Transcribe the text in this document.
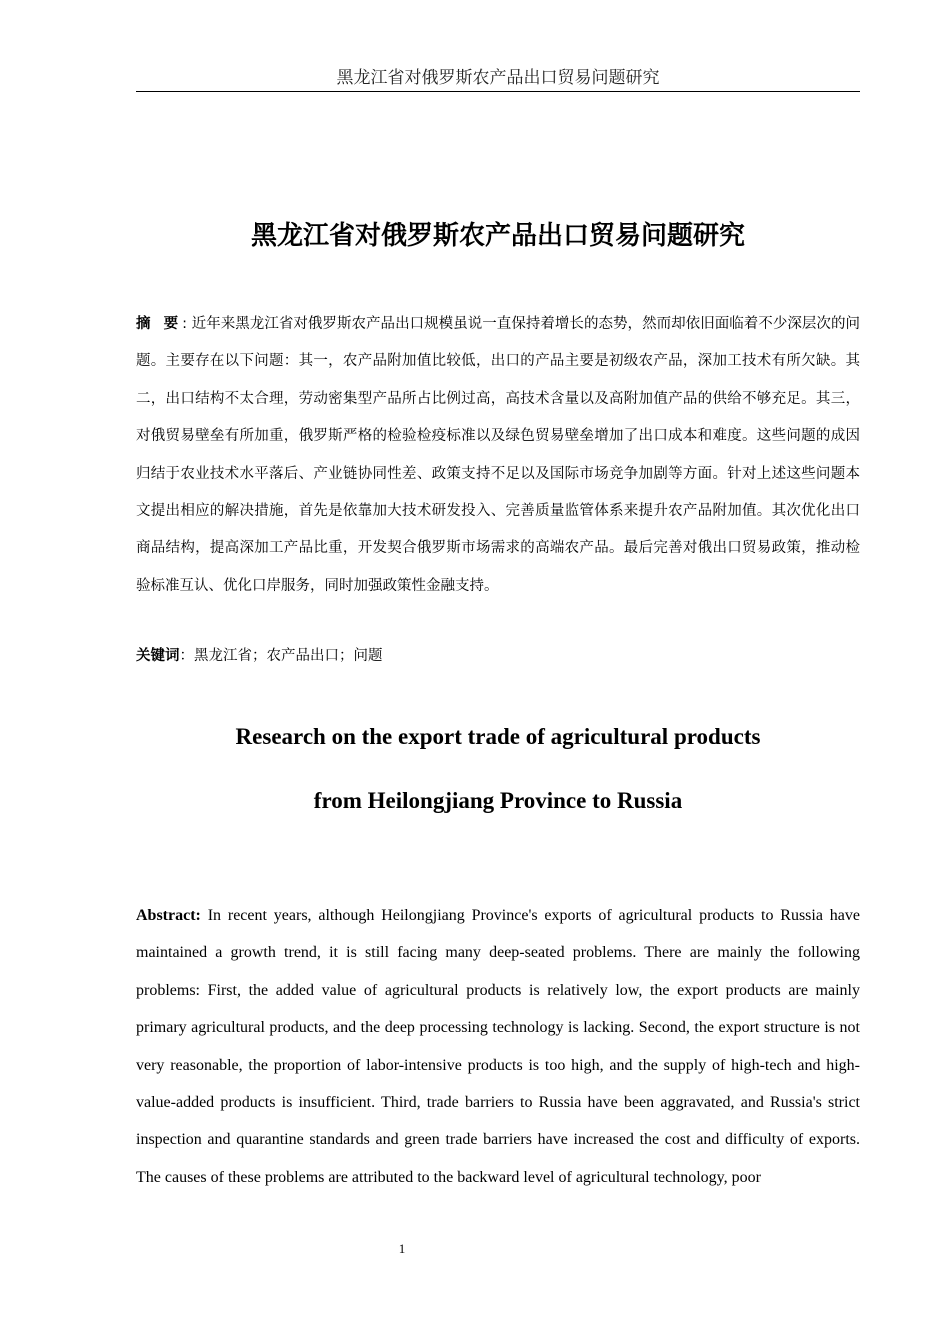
黑龙江省对俄罗斯农产品出口贸易问题研究
黑龙江省对俄罗斯农产品出口贸易问题研究
摘 要: 近年来黑龙江省对俄罗斯农产品出口规模虽说一直保持着增长的态势，然而却依旧面临着不少深层次的问题。主要存在以下问题：其一，农产品附加值比较低，出口的产品主要是初级农产品，深加工技术有所欠缺。其二，出口结构不太合理，劳动密集型产品所占比例过高，高技术含量以及高附加值产品的供给不够充足。其三，对俄贸易壁垒有所加重，俄罗斯严格的检验检疫标准以及绿色贸易壁垒增加了出口成本和难度。这些问题的成因归结于农业技术水平落后、产业链协同性差、政策支持不足以及国际市场竞争加剧等方面。针对上述这些问题本文提出相应的解决措施，首先是依靠加大技术研发投入、完善质量监管体系来提升农产品附加值。其次优化出口商品结构，提高深加工产品比重，开发契合俄罗斯市场需求的高端农产品。最后完善对俄出口贸易政策，推动检验标准互认、优化口岸服务，同时加强政策性金融支持。
关键词：黑龙江省；农产品出口；问题
Research on the export trade of agricultural products
from Heilongjiang Province to Russia
Abstract: In recent years, although Heilongjiang Province's exports of agricultural products to Russia have maintained a growth trend, it is still facing many deep-seated problems. There are mainly the following problems: First, the added value of agricultural products is relatively low, the export products are mainly primary agricultural products, and the deep processing technology is lacking. Second, the export structure is not very reasonable, the proportion of labor-intensive products is too high, and the supply of high-tech and high-value-added products is insufficient. Third, trade barriers to Russia have been aggravated, and Russia's strict inspection and quarantine standards and green trade barriers have increased the cost and difficulty of exports. The causes of these problems are attributed to the backward level of agricultural technology, poor
1
